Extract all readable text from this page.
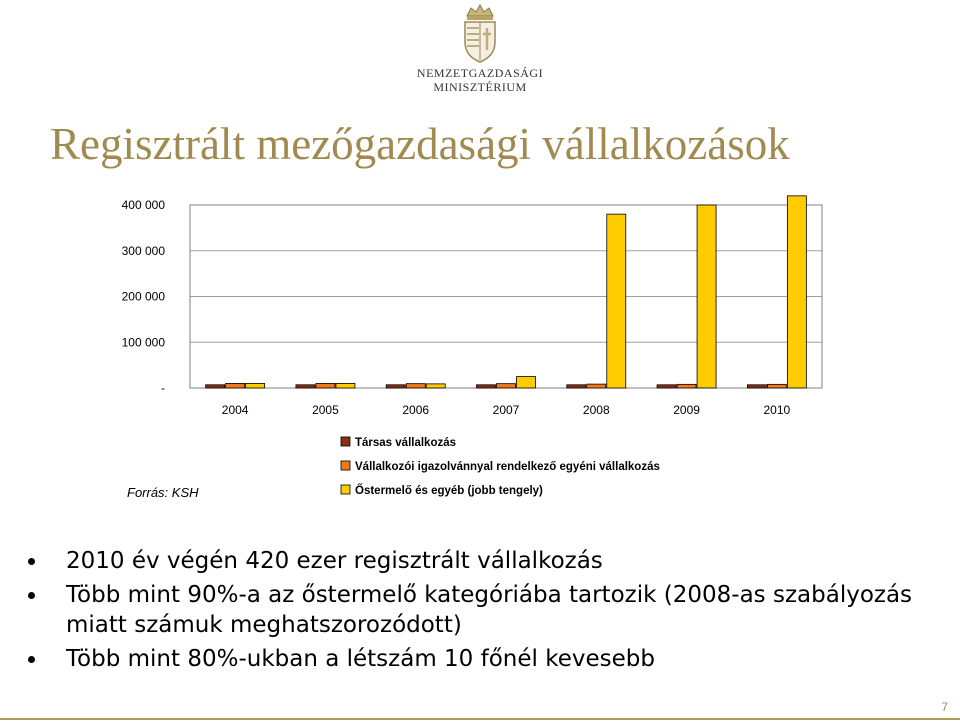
NEMZETGAZDASÁGI
MINISZTÉRIUM
Regisztrált mezőgazdasági vállalkozások
400 000
300 000
200 000
100 000
-
2004	2005	2006	2007	2008	2009	2010
Társas vállalkozás
Vállalkozói igazolvánnyal rendelkező egyéni vállalkozás
Őstermelő és egyéb (jobb tengely)
Forrás: KSH
2010 év végén 420 ezer regisztrált vállalkozás
Több mint 90%-a az őstermelő kategóriába tartozik (2008-as szabályozás miatt számuk meghatszorozódott)
Több mint 80%-ukban a létszám 10 főnél kevesebb
7
